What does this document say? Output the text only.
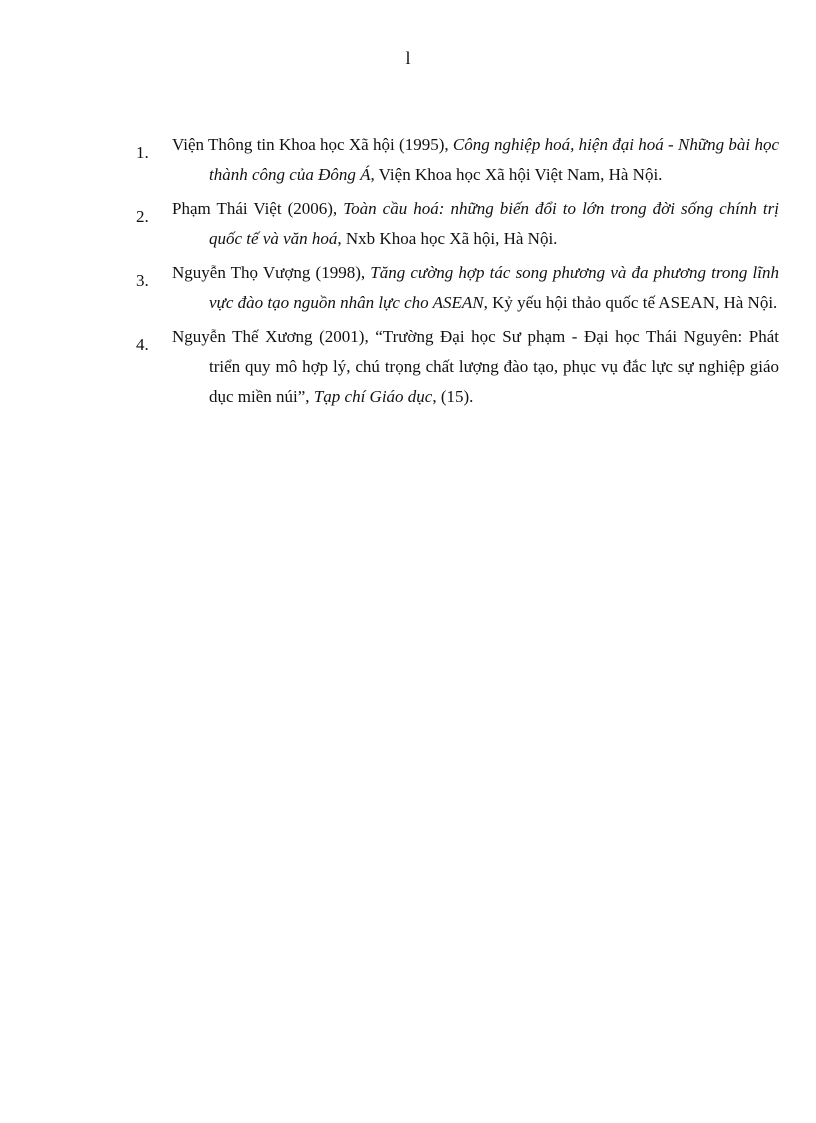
l
1. Viện Thông tin Khoa học Xã hội (1995), Công nghiệp hoá, hiện đại hoá - Những bài học thành công của Đông Á, Viện Khoa học Xã hội Việt Nam, Hà Nội.
2. Phạm Thái Việt (2006), Toàn cầu hoá: những biến đổi to lớn trong đời sống chính trị quốc tế và văn hoá, Nxb Khoa học Xã hội, Hà Nội.
3. Nguyễn Thọ Vượng (1998), Tăng cường hợp tác song phương và đa phương trong lĩnh vực đào tạo nguồn nhân lực cho ASEAN, Kỷ yếu hội thảo quốc tế ASEAN, Hà Nội.
4. Nguyễn Thế Xương (2001), “Trường Đại học Sư phạm - Đại học Thái Nguyên: Phát triển quy mô hợp lý, chú trọng chất lượng đào tạo, phục vụ đắc lực sự nghiệp giáo dục miền núi”, Tạp chí Giáo dục, (15).
